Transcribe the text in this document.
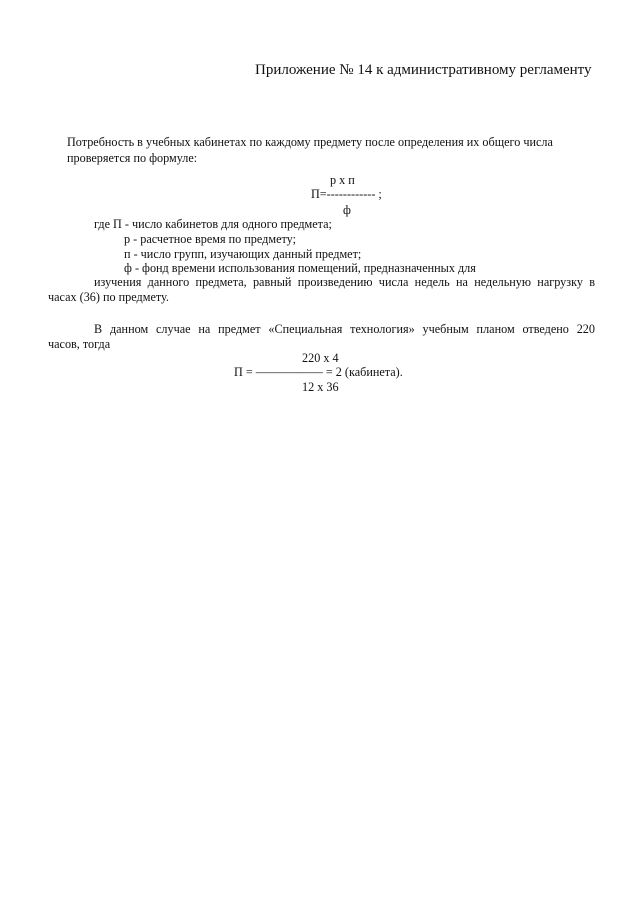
Приложение № 14 к административному регламенту
Потребность в учебных кабинетах по каждому предмету после определения их общего числа
проверяется по формуле:
р х п
П=------------ ;
ф
где П - число кабинетов для одного предмета;
р - расчетное время по предмету;
п - число групп, изучающих данный предмет;
ф - фонд времени использования помещений, предназначенных для
изучения данного предмета, равный произведению числа недель на недельную нагрузку в
часах (36) по предмету.
В данном случае на предмет «Специальная технология» учебным планом отведено 220
часов, тогда
220 х 4
П = ———–—— = 2 (кабинета).
12 х 36
